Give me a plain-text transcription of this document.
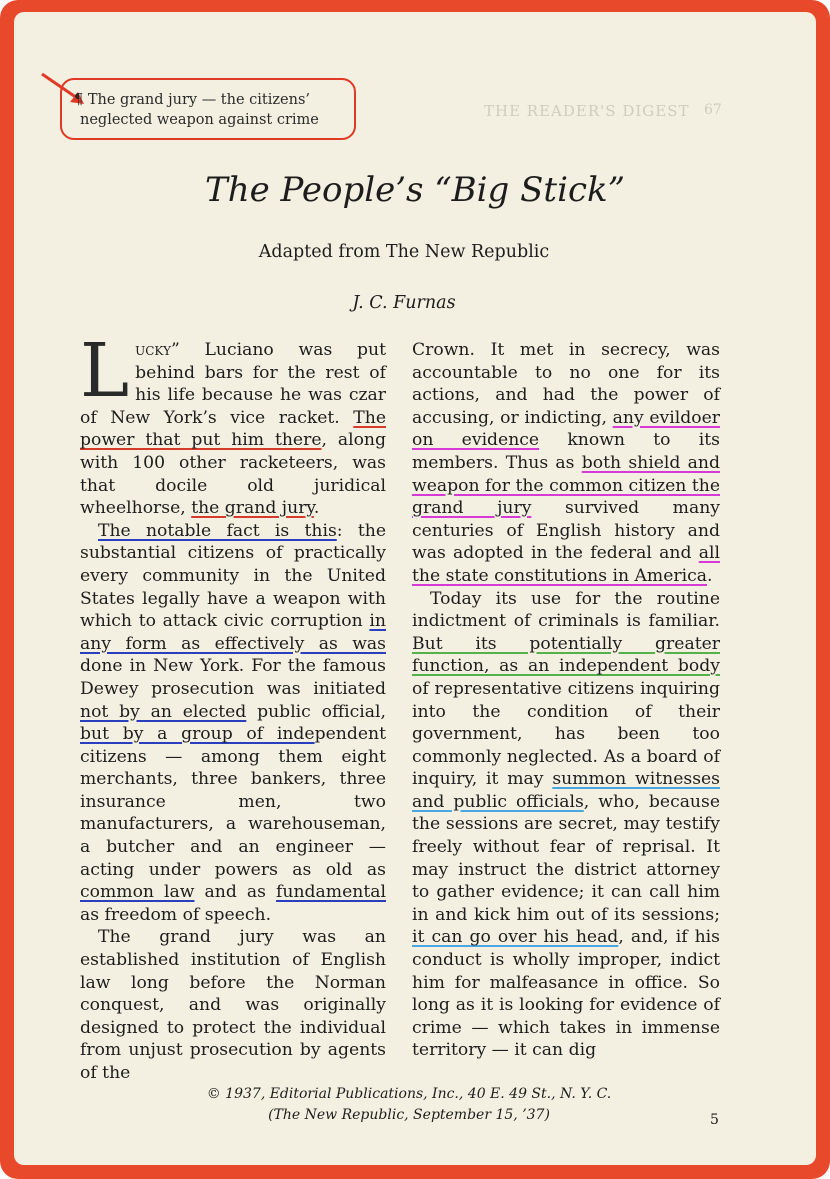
THE READER'S DIGEST 67
¶ The grand jury — the citizens’
neglected weapon against crime
The People’s “Big Stick”
Adapted from The New Republic
J. C. Furnas

Lucky” Luciano was put behind bars for the rest of his life because he was czar of New York’s vice racket. The power that put him there, along with 100 other racketeers, was that docile old juridical wheelhorse, the grand jury.

The notable fact is this: the substantial citizens of practically every community in the United States legally have a weapon with which to attack civic corruption in any form as effectively as was done in New York. For the famous Dewey prosecution was initiated not by an elected public official, but by a group of independent citizens — among them eight merchants, three bankers, three insurance men, two manufacturers, a warehouseman, a butcher and an engineer — acting under powers as old as common law and as fundamental as freedom of speech.

The grand jury was an established institution of English law long before the Norman conquest, and was originally designed to protect the individual from unjust prosecution by agents of the

Crown. It met in secrecy, was accountable to no one for its actions, and had the power of accusing, or indicting, any evildoer on evidence known to its members. Thus as both shield and weapon for the common citizen the grand jury survived many centuries of English history and was adopted in the federal and all the state constitutions in America.

Today its use for the routine indictment of criminals is familiar. But its potentially greater function, as an independent body of representative citizens inquiring into the condition of their government, has been too commonly neglected. As a board of inquiry, it may summon witnesses and public officials, who, because the sessions are secret, may testify freely without fear of reprisal. It may instruct the district attorney to gather evidence; it can call him in and kick him out of its sessions; it can go over his head, and, if his conduct is wholly improper, indict him for malfeasance in office. So long as it is looking for evidence of crime — which takes in immense territory — it can dig

© 1937, Editorial Publications, Inc., 40 E. 49 St., N. Y. C.
(The New Republic, September 15, ’37)	5
